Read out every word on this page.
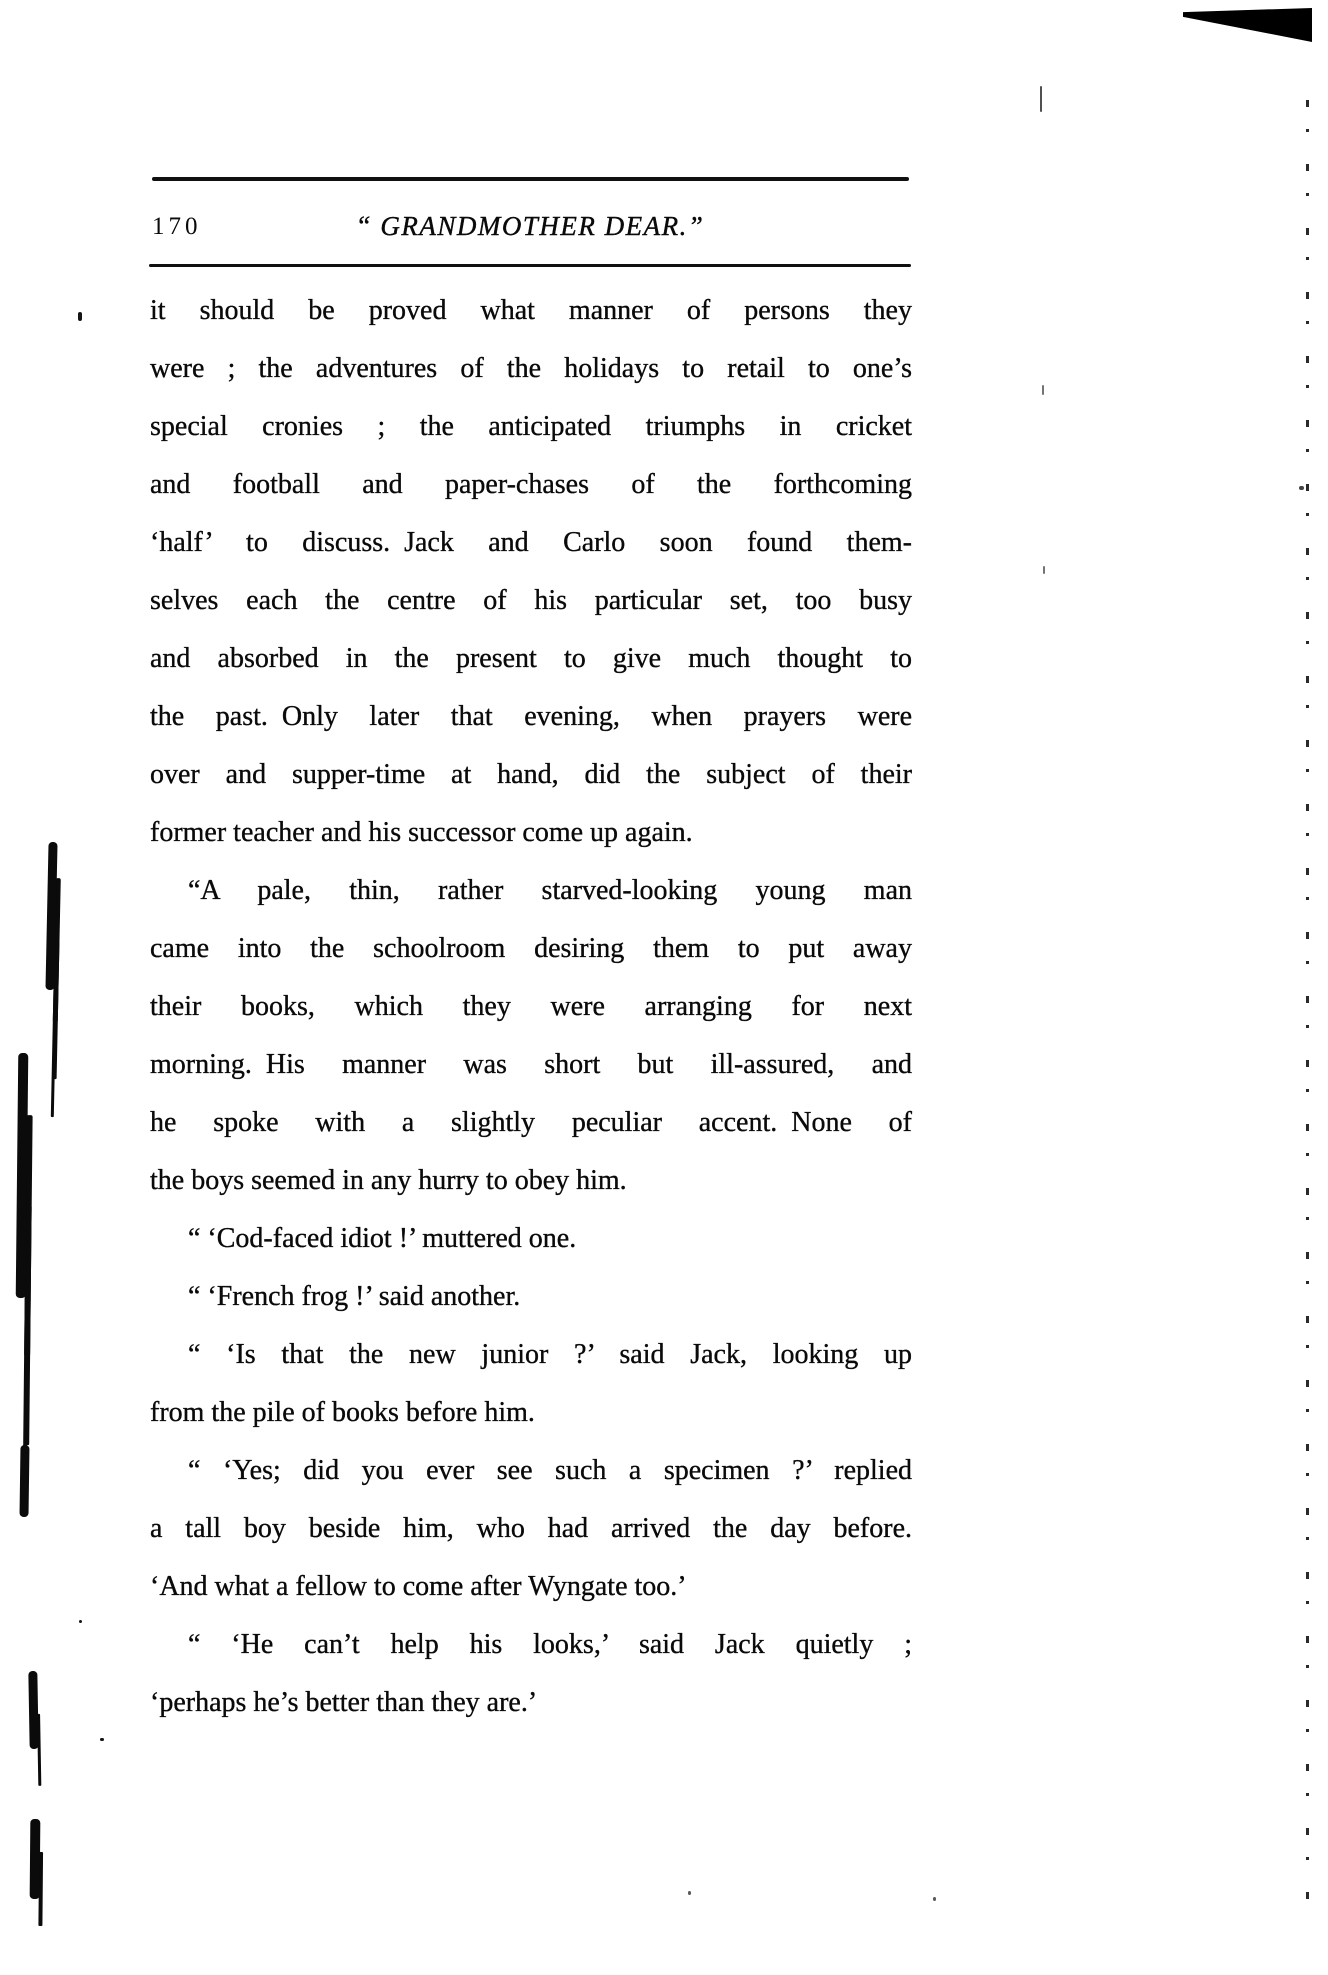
170	“ GRANDMOTHER DEAR.”
it should be proved what manner of persons they
were ; the adventures of the holidays to retail to one’s
special cronies ; the anticipated triumphs in cricket
and football and paper-chases of the forthcoming
‘half’ to discuss. Jack and Carlo soon found them-
selves each the centre of his particular set, too busy
and absorbed in the present to give much thought to
the past. Only later that evening, when prayers were
over and supper-time at hand, did the subject of their
former teacher and his successor come up again.
“A pale, thin, rather starved-looking young man
came into the schoolroom desiring them to put away
their books, which they were arranging for next
morning. His manner was short but ill-assured, and
he spoke with a slightly peculiar accent. None of
the boys seemed in any hurry to obey him.
“ ‘Cod-faced idiot !’ muttered one.
“ ‘French frog !’ said another.
“ ‘Is that the new junior ?’ said Jack, looking up
from the pile of books before him.
“ ‘Yes; did you ever see such a specimen ?’ replied
a tall boy beside him, who had arrived the day before.
‘And what a fellow to come after Wyngate too.’
“ ‘He can’t help his looks,’ said Jack quietly ;
‘perhaps he’s better than they are.’
